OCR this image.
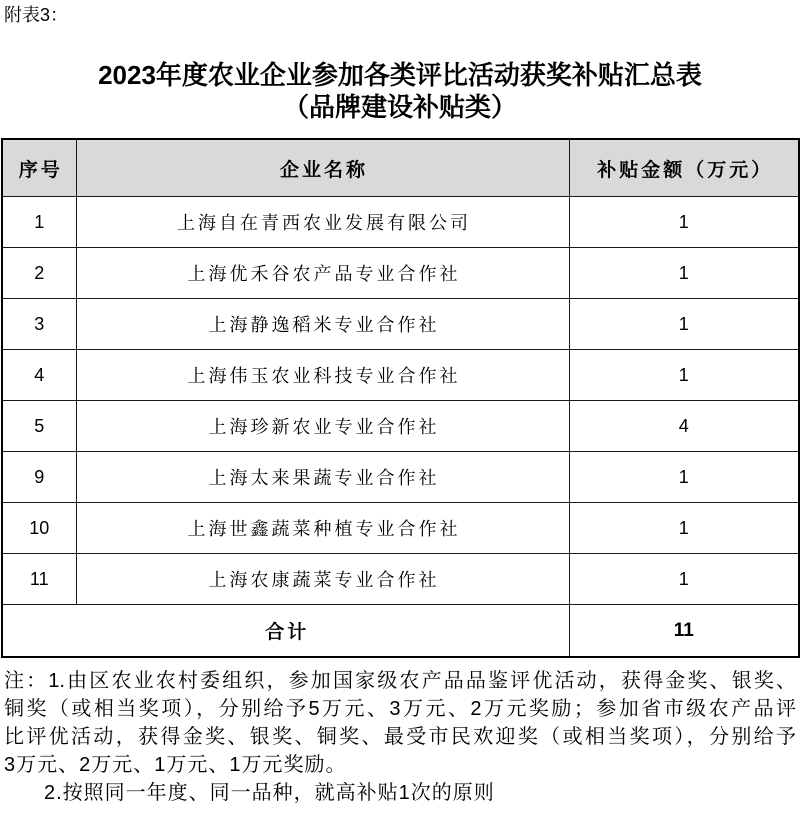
附表3：
2023年度农业企业参加各类评比活动获奖补贴汇总表
（品牌建设补贴类）
序号	企业名称	补贴金额（万元）
1	上海自在青西农业发展有限公司	1
2	上海优禾谷农产品专业合作社	1
3	上海静逸稻米专业合作社	1
4	上海伟玉农业科技专业合作社	1
5	上海珍新农业专业合作社	4
9	上海太来果蔬专业合作社	1
10	上海世鑫蔬菜种植专业合作社	1
11	上海农康蔬菜专业合作社	1
合计		11
注：1.由区农业农村委组织，参加国家级农产品品鉴评优活动，获得金奖、银奖、
铜奖（或相当奖项），分别给予5万元、3万元、2万元奖励；参加省市级农产品评
比评优活动，获得金奖、银奖、铜奖、最受市民欢迎奖（或相当奖项），分别给予
3万元、2万元、1万元、1万元奖励。
2.按照同一年度、同一品种，就高补贴1次的原则
